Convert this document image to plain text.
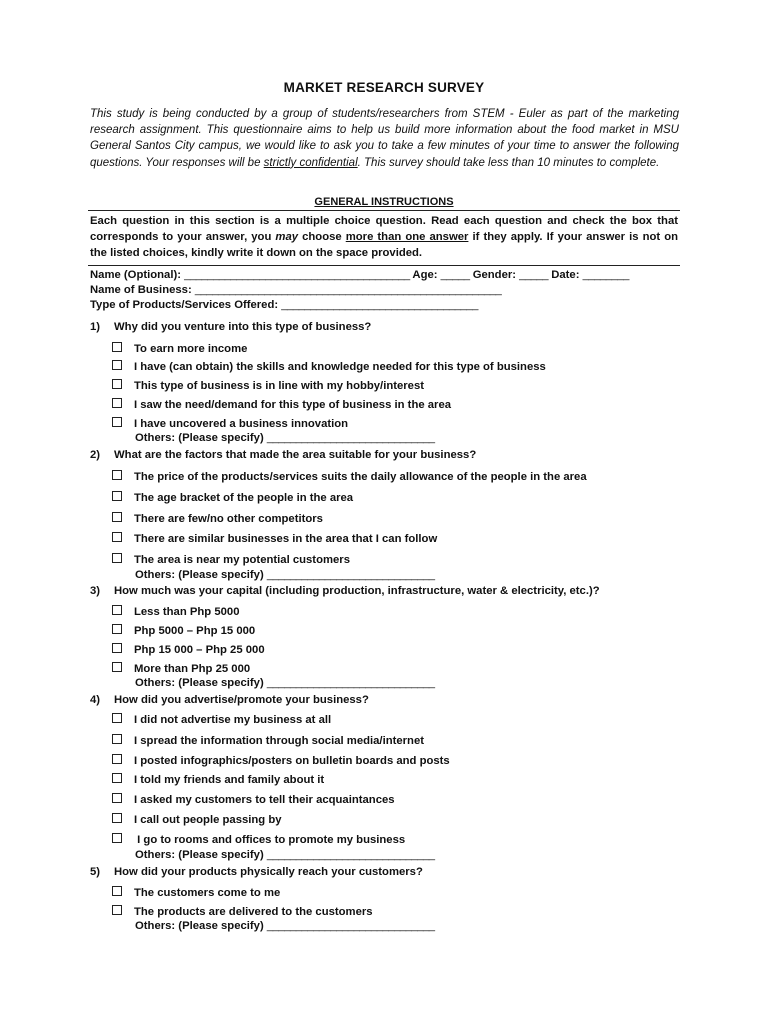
MARKET RESEARCH SURVEY
This study is being conducted by a group of students/researchers from STEM - Euler as part of the marketing research assignment. This questionnaire aims to help us build more information about the food market in MSU General Santos City campus, we would like to ask you to take a few minutes of your time to answer the following questions. Your responses will be strictly confidential. This survey should take less than 10 minutes to complete.
GENERAL INSTRUCTIONS
Each question in this section is a multiple choice question. Read each question and check the box that corresponds to your answer, you may choose more than one answer if they apply. If your answer is not on the listed choices, kindly write it down on the space provided.
Name (Optional): _______________________________________ Age: _____ Gender: _____ Date: ________
Name of Business: _____________________________________________________
Type of Products/Services Offered: __________________________________
1) Why did you venture into this type of business?
To earn more income
I have (can obtain) the skills and knowledge needed for this type of business
This type of business is in line with my hobby/interest
I saw the need/demand for this type of business in the area
I have uncovered a business innovation
Others: (Please specify) _____________________________
2) What are the factors that made the area suitable for your business?
The price of the products/services suits the daily allowance of the people in the area
The age bracket of the people in the area
There are few/no other competitors
There are similar businesses in the area that I can follow
The area is near my potential customers
Others: (Please specify) _____________________________
3) How much was your capital (including production, infrastructure, water & electricity, etc.)?
Less than Php 5000
Php 5000 – Php 15 000
Php 15 000 – Php 25 000
More than Php 25 000
Others: (Please specify) _____________________________
4) How did you advertise/promote your business?
I did not advertise my business at all
I spread the information through social media/internet
I posted infographics/posters on bulletin boards and posts
I told my friends and family about it
I asked my customers to tell their acquaintances
I call out people passing by
I go to rooms and offices to promote my business
Others: (Please specify) _____________________________
5) How did your products physically reach your customers?
The customers come to me
The products are delivered to the customers
Others: (Please specify) _____________________________
